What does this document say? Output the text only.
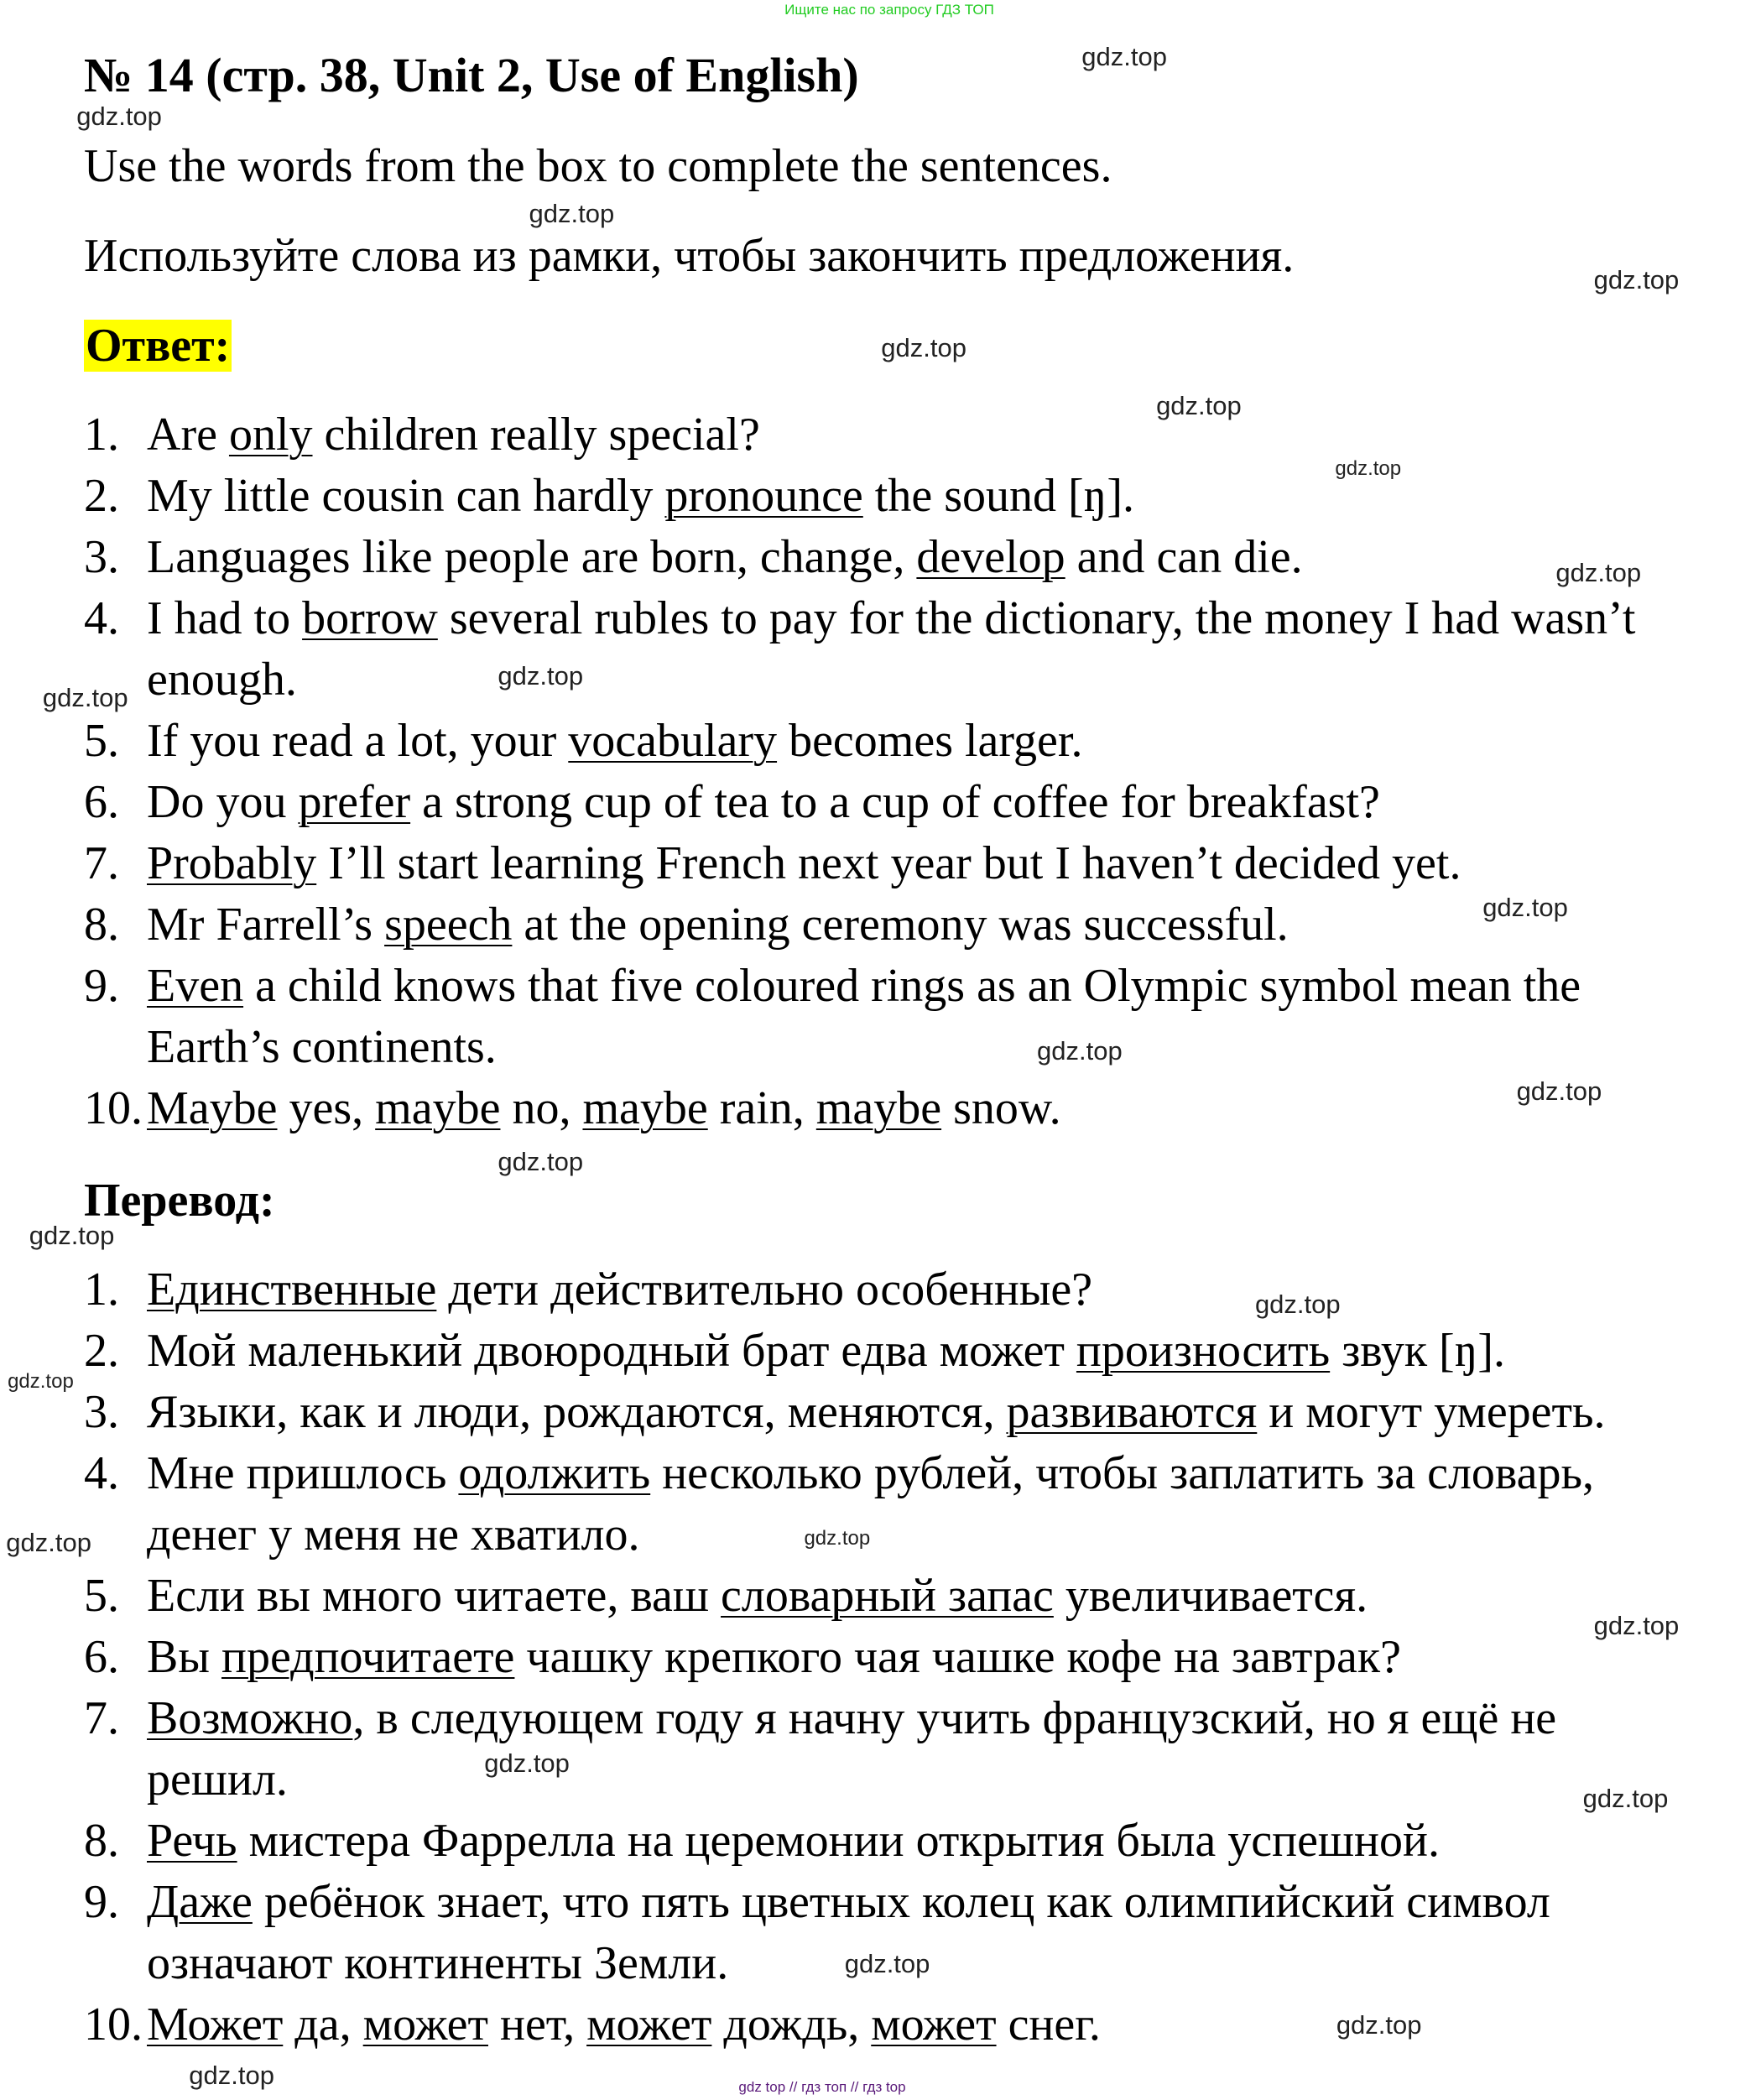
Ищите нас по запросу ГДЗ ТОП
№ 14 (стр. 38, Unit 2, Use of English)
Use the words from the box to complete the sentences.
Используйте слова из рамки, чтобы закончить предложения.
Ответ:
1. Are only children really special?
2. My little cousin can hardly pronounce the sound [ŋ].
3. Languages like people are born, change, develop and can die.
4. I had to borrow several rubles to pay for the dictionary, the money I had wasn’t
enough.
5. If you read a lot, your vocabulary becomes larger.
6. Do you prefer a strong cup of tea to a cup of coffee for breakfast?
7. Probably I’ll start learning French next year but I haven’t decided yet.
8. Mr Farrell’s speech at the opening ceremony was successful.
9. Even a child knows that five coloured rings as an Olympic symbol mean the
Earth’s continents.
10.Maybe yes, maybe no, maybe rain, maybe snow.
Перевод:
1. Единственные дети действительно особенные?
2. Мой маленький двоюродный брат едва может произносить звук [ŋ].
3. Языки, как и люди, рождаются, меняются, развиваются и могут умереть.
4. Мне пришлось одолжить несколько рублей, чтобы заплатить за словарь,
денег у меня не хватило.
5. Если вы много читаете, ваш словарный запас увеличивается.
6. Вы предпочитаете чашку крепкого чая чашке кофе на завтрак?
7. Возможно, в следующем году я начну учить французский, но я ещё не
решил.
8. Речь мистера Фаррелла на церемонии открытия была успешной.
9. Даже ребёнок знает, что пять цветных колец как олимпийский символ
означают континенты Земли.
10.Может да, может нет, может дождь, может снег.
gdz.top
gdz.top
gdz.top
gdz.top
gdz.top
gdz.top
gdz.top
gdz.top
gdz.top
gdz.top
gdz.top
gdz.top
gdz.top
gdz.top
gdz.top
gdz.top
gdz.top
gdz.top
gdz.top
gdz.top
gdz.top
gdz.top
gdz.top
gdz.top
gdz.top	gdz top // гдз топ // гдз top
